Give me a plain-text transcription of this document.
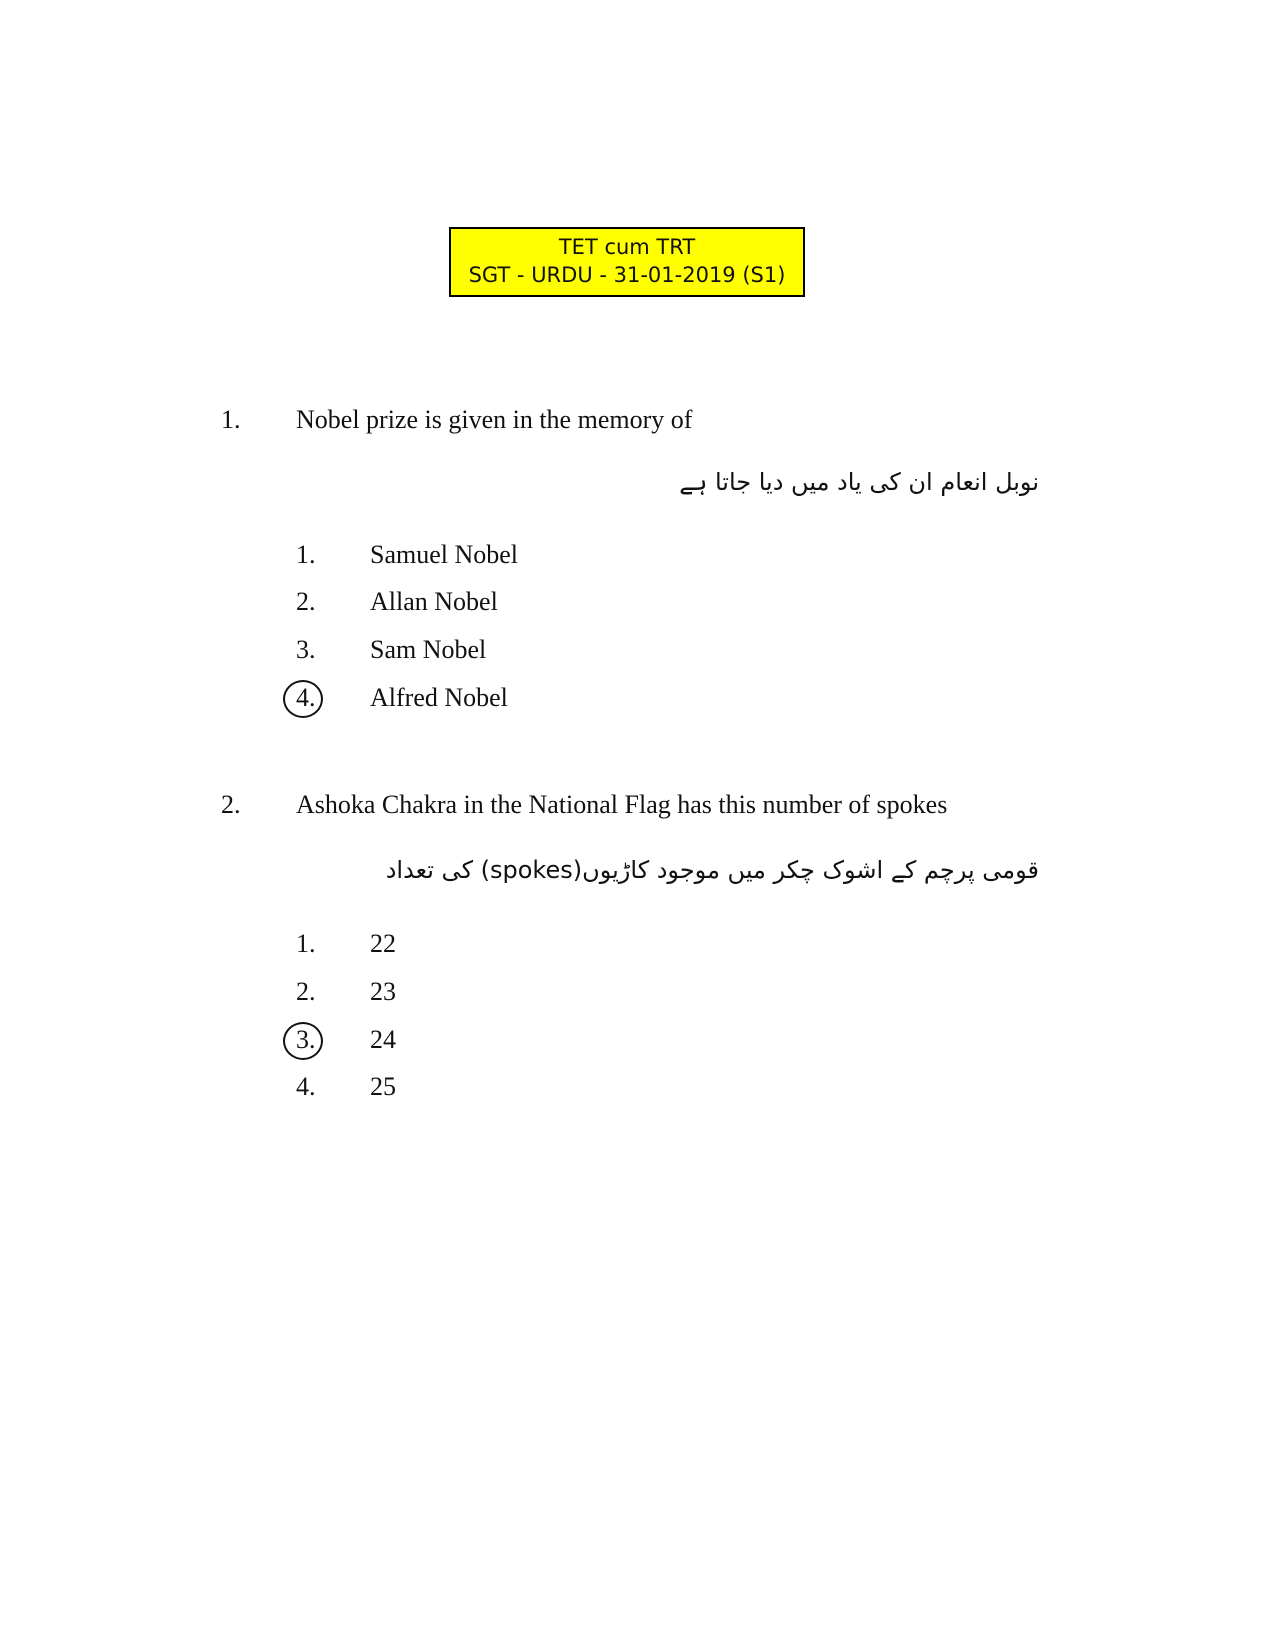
TET cum TRT
SGT - URDU - 31-01-2019 (S1)
1. Nobel prize is given in the memory of
نوبل انعام ان کی یاد میں دیا جاتا ہے
1. Samuel Nobel
2. Allan Nobel
3. Sam Nobel
4. Alfred Nobel
2. Ashoka Chakra in the National Flag has this number of spokes
قومی پرچم کے اشوک چکر میں موجود کاڑیوں(spokes) کی تعداد
1. 22
2. 23
3. 24
4. 25
